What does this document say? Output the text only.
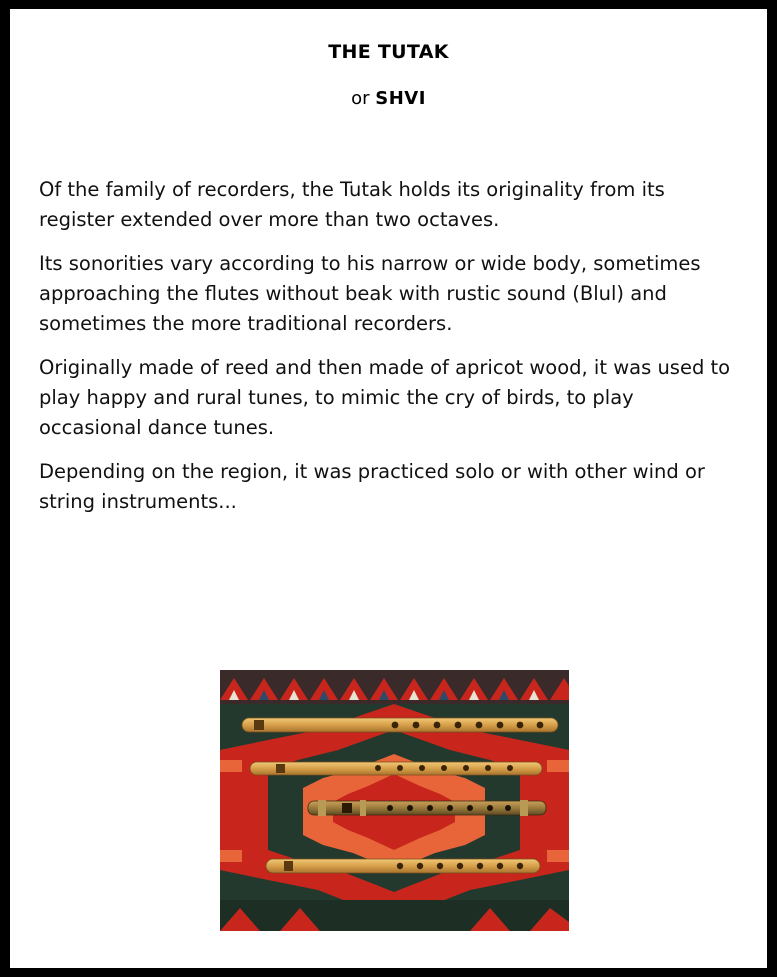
THE TUTAK
or SHVI

Of the family of recorders, the Tutak holds its originality from its register extended over more than two octaves.

Its sonorities vary according to his narrow or wide body, sometimes approaching the flutes without beak with rustic sound (Blul) and sometimes the more traditional recorders.

Originally made of reed and then made of apricot wood, it was used to play happy and rural tunes, to mimic the cry of birds, to play occasional dance tunes.

Depending on the region, it was practiced solo or with other wind or string instruments...
